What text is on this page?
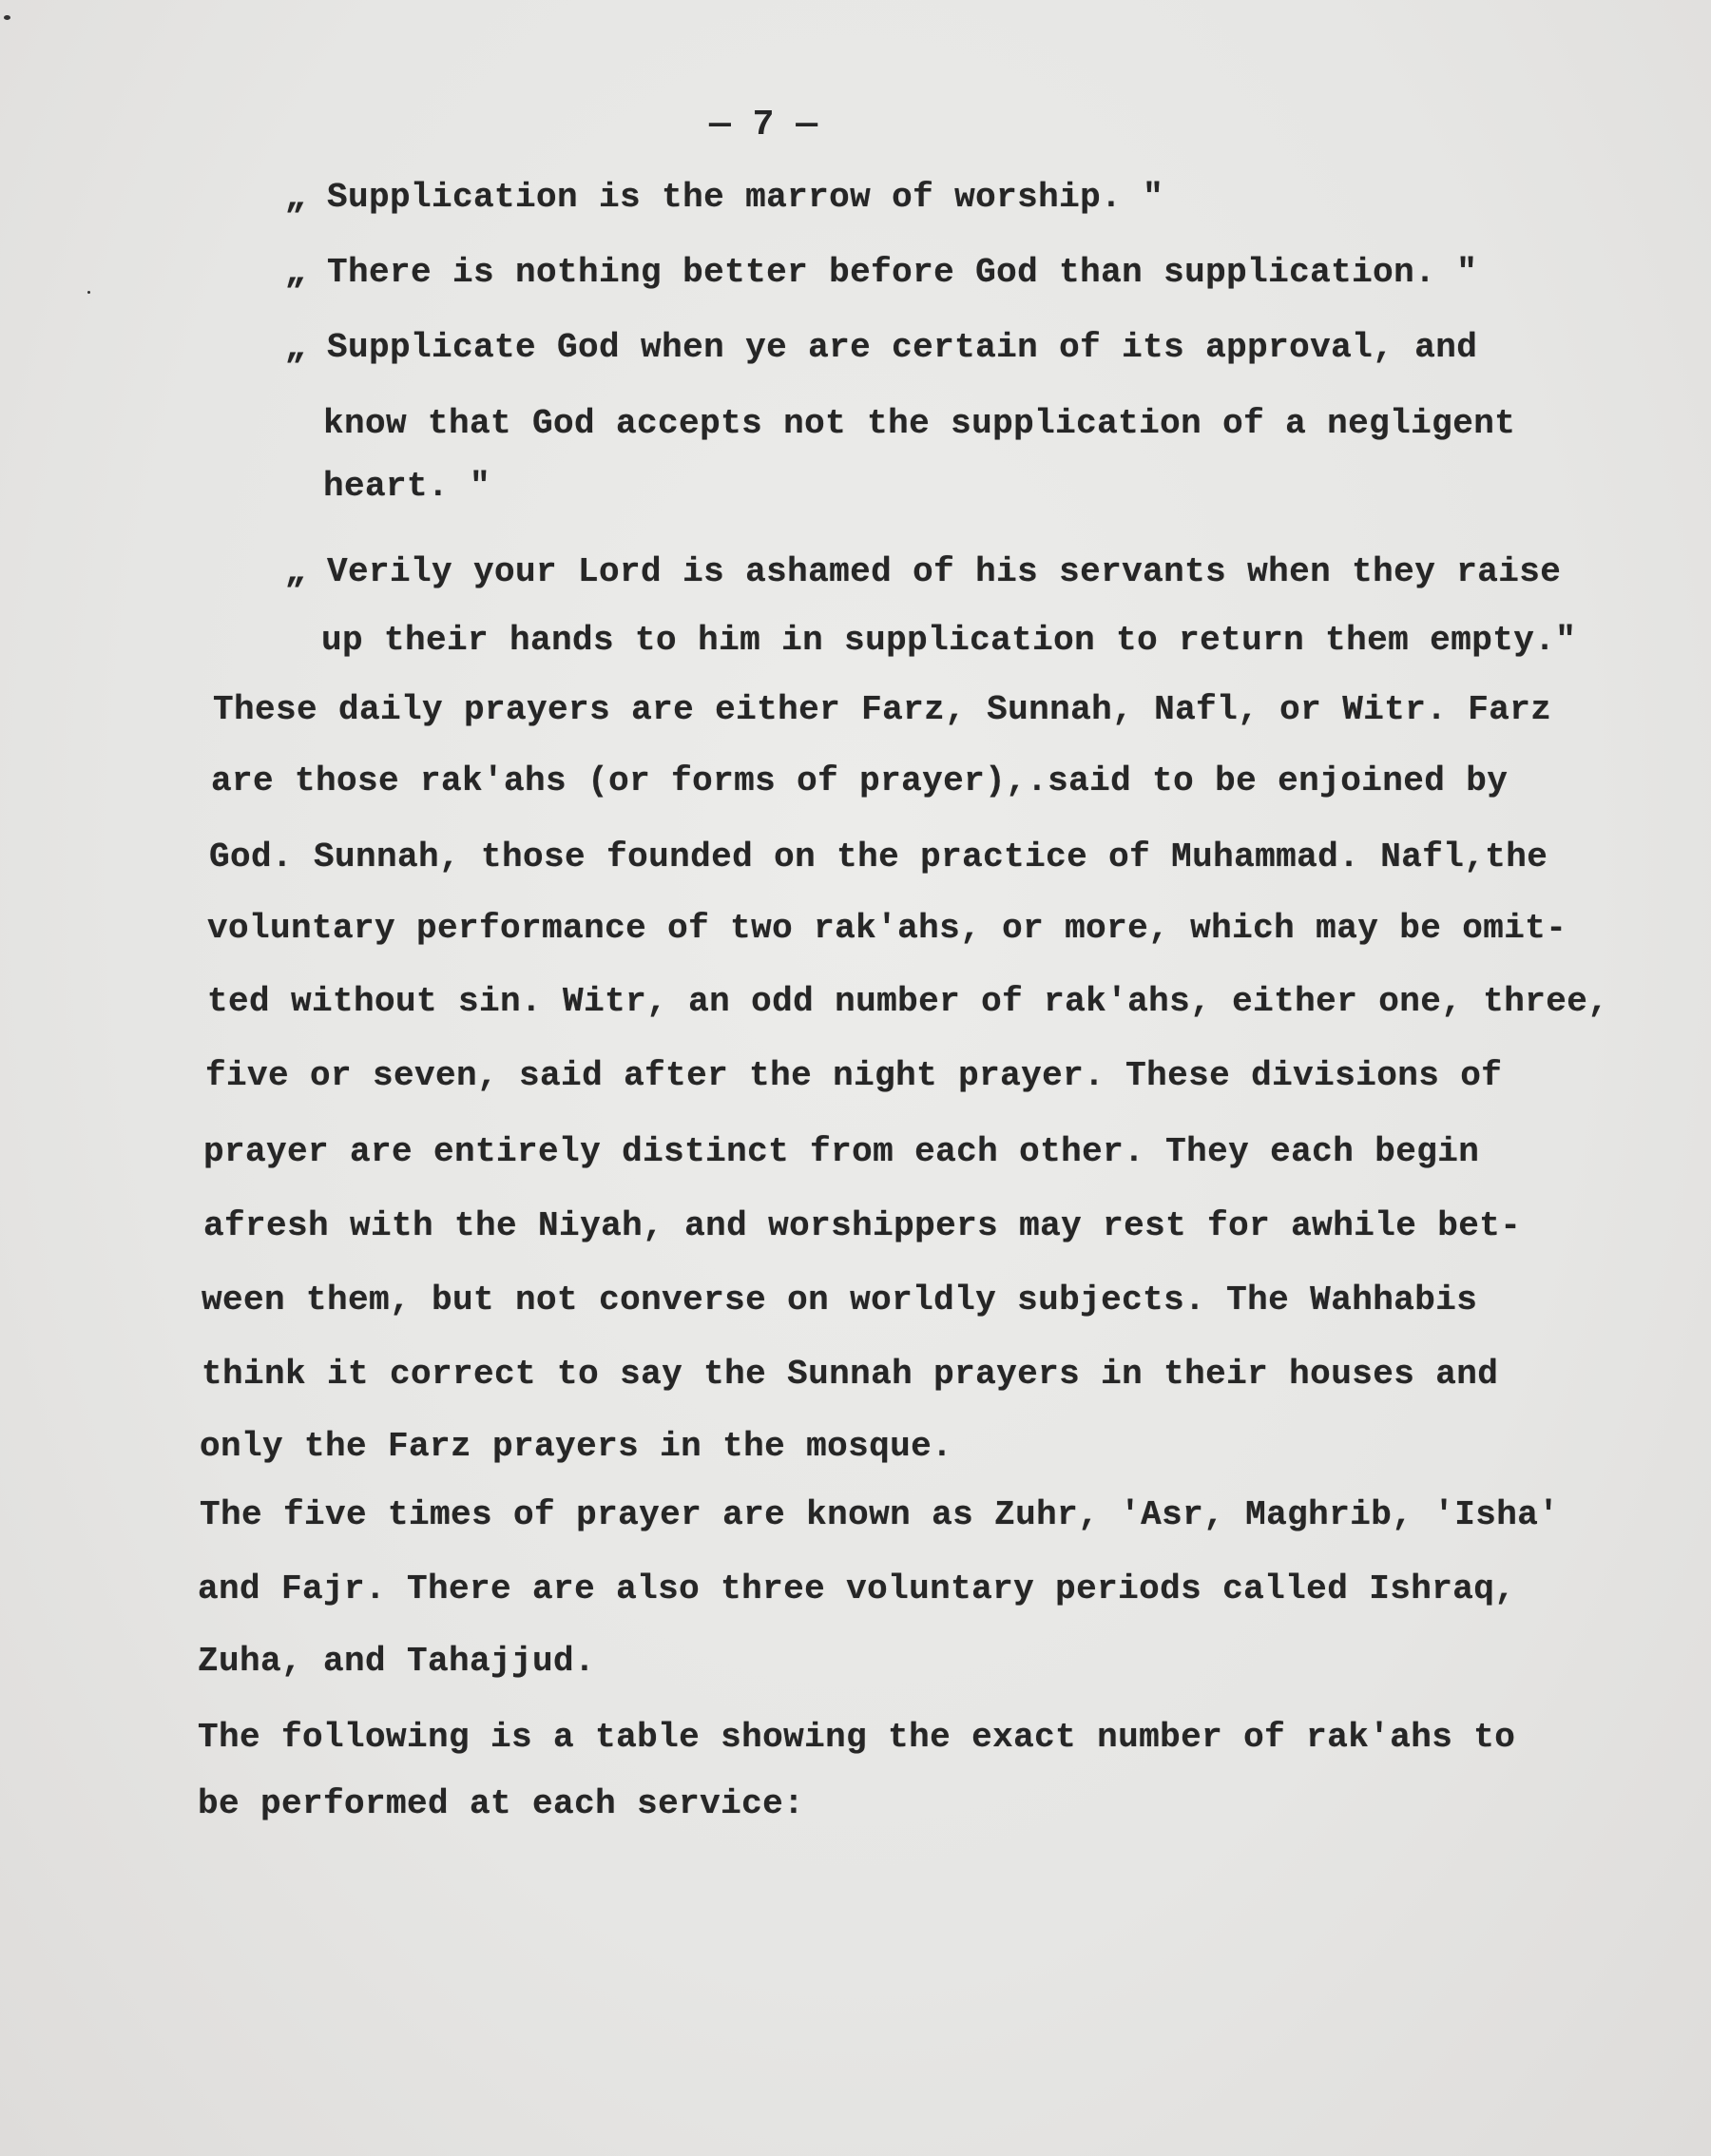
— 7 —
„ Supplication is the marrow of worship. "
„ There is nothing better before God than supplication. "
„ Supplicate God when ye are certain of its approval, and
know that God accepts not the supplication of a negligent
heart. "
„ Verily your Lord is ashamed of his servants when they raise
up their hands to him in supplication to return them empty."
These daily prayers are either Farz, Sunnah, Nafl, or Witr. Farz
are those rak'ahs (or forms of prayer),.said to be enjoined by
God. Sunnah, those founded on the practice of Muhammad. Nafl,the
voluntary performance of two rak'ahs, or more, which may be omit-
ted without sin. Witr, an odd number of rak'ahs, either one, three,
five or seven, said after the night prayer. These divisions of
prayer are entirely distinct from each other. They each begin
afresh with the Niyah, and worshippers may rest for awhile bet-
ween them, but not converse on worldly subjects. The Wahhabis
think it correct to say the Sunnah prayers in their houses and
only the Farz prayers in the mosque.
The five times of prayer are known as Zuhr, 'Asr, Maghrib, 'Isha'
and Fajr. There are also three voluntary periods called Ishraq,
Zuha, and Tahajjud.
The following is a table showing the exact number of rak'ahs to
be performed at each service:
